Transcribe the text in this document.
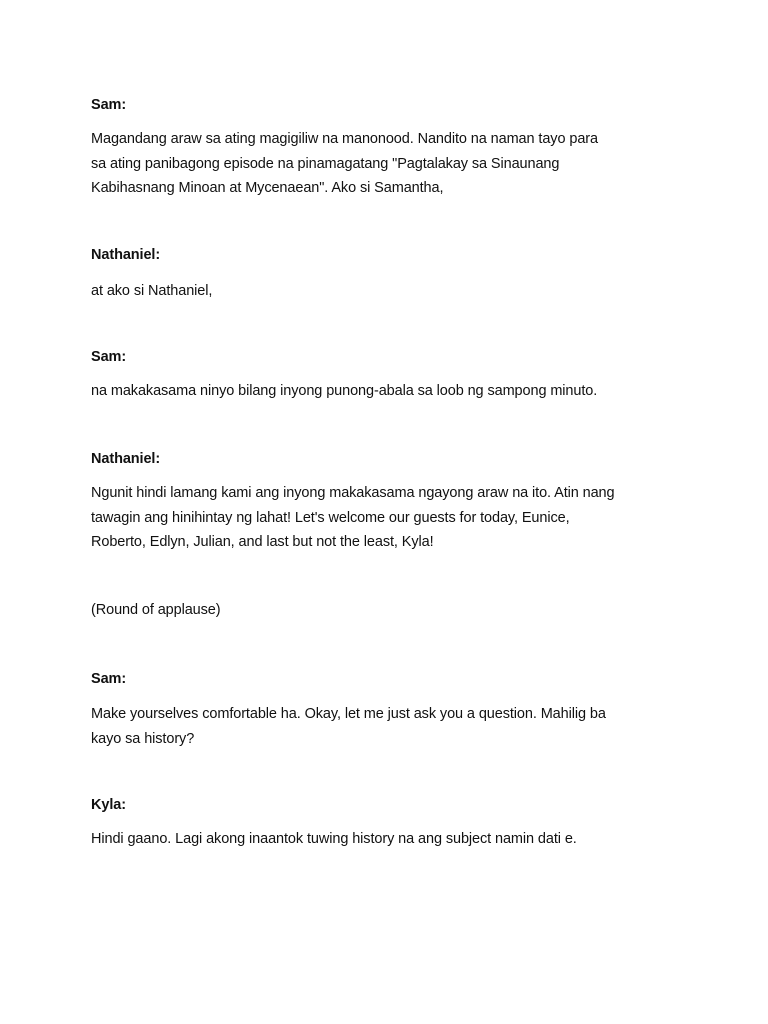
Sam:
Magandang araw sa ating magigiliw na manonood. Nandito na naman tayo para
sa ating panibagong episode na pinamagatang "Pagtalakay sa Sinaunang
Kabihasnang Minoan at Mycenaean". Ako si Samantha,
Nathaniel:
at ako si Nathaniel,
Sam:
na makakasama ninyo bilang inyong punong-abala sa loob ng sampong minuto.
Nathaniel:
Ngunit hindi lamang kami ang inyong makakasama ngayong araw na ito. Atin nang
tawagin ang hinihintay ng lahat! Let's welcome our guests for today, Eunice,
Roberto, Edlyn, Julian, and last but not the least, Kyla!
(Round of applause)
Sam:
Make yourselves comfortable ha. Okay, let me just ask you a question. Mahilig ba
kayo sa history?
Kyla:
Hindi gaano. Lagi akong inaantok tuwing history na ang subject namin dati e.
